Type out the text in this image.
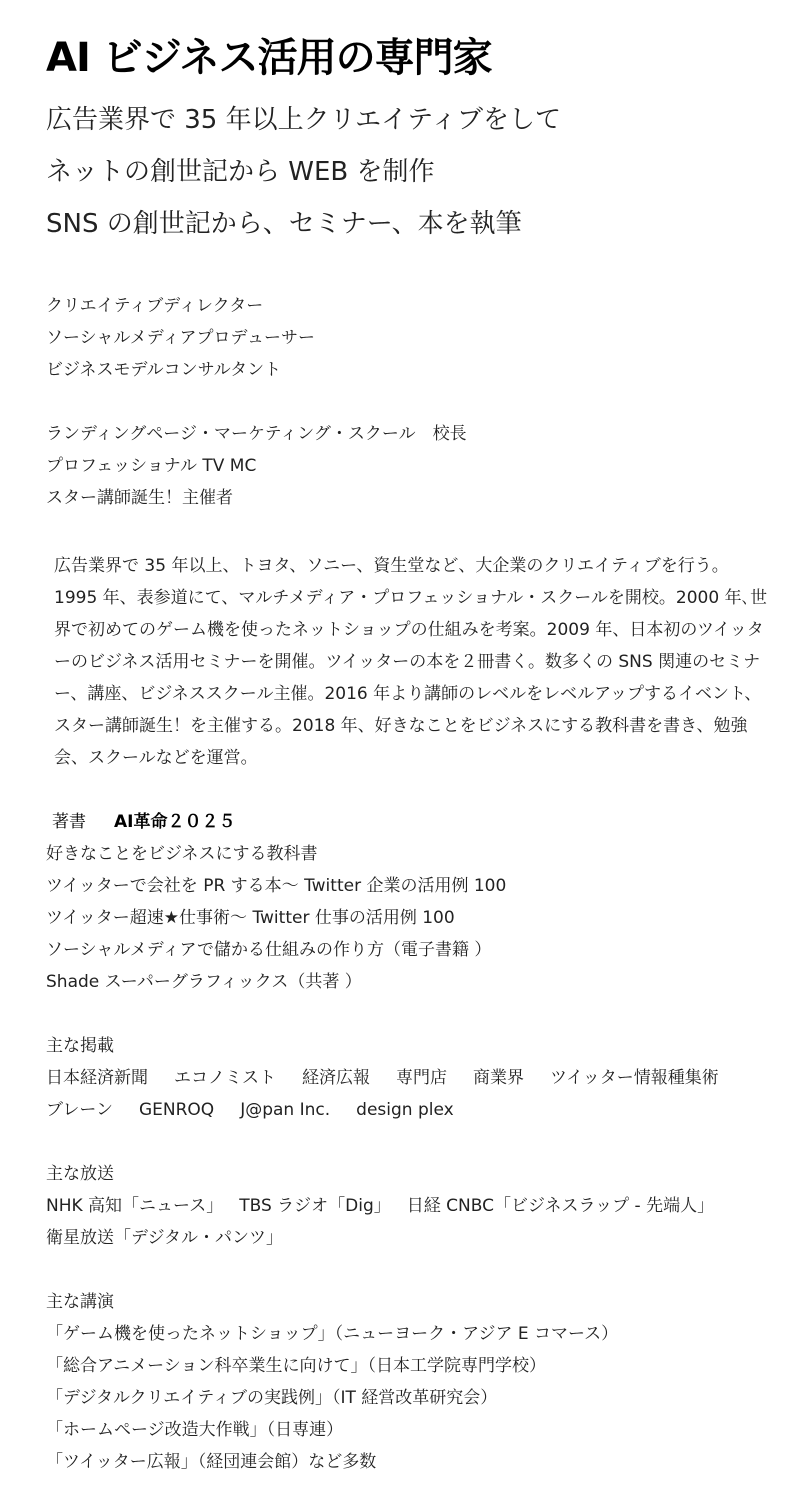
AI ビジネス活用の専門家
広告業界で 35 年以上クリエイティブをして
ネットの創世記から WEB を制作
SNS の創世記から、セミナー、本を執筆
クリエイティブディレクター
ソーシャルメディアプロデューサー
ビジネスモデルコンサルタント
ランディングページ・マーケティング・スクール　校長
プロフェッショナル TV MC
スター講師誕生！主催者

広告業界で 35 年以上、トヨタ、ソニー、資生堂など、大企業のクリエイティブを行う。1995 年、表参道にて、マルチメディア・プロフェッショナル・スクールを開校。2000 年､世界で初めてのゲーム機を使ったネットショップの仕組みを考案。2009 年、日本初のツイッターのビジネス活用セミナーを開催。ツイッターの本を２冊書く。数多くの SNS 関連のセミナー、講座、ビジネススクール主催。2016 年より講師のレベルをレベルアップするイベント、スター講師誕生！を主催する。2018 年、好きなことをビジネスにする教科書を書き、勉強会、スクールなどを運営。

著書 AI革命２０２５
好きなことをビジネスにする教科書
ツイッターで会社を PR する本～ Twitter 企業の活用例 100
ツイッター超速★仕事術～ Twitter 仕事の活用例 100
ソーシャルメディアで儲かる仕組みの作り方（電子書籍 ）
Shade スーパーグラフィックス（共著 ）
主な掲載
日本経済新聞 エコノミスト 経済広報 専門店 商業界 ツイッター情報種集術
ブレーン GENROQ J@pan Inc. design plex
主な放送
NHK 高知「ニュース」 TBS ラジオ「Dig」 日経 CNBC「ビジネスラップ - 先端人」
衛星放送「デジタル・パンツ」
主な講演
「ゲーム機を使ったネットショップ」（ニューヨーク・アジア E コマース）
「総合アニメーション科卒業生に向けて」（日本工学院専門学校）
「デジタルクリエイティブの実践例」（IT 経営改革研究会）
「ホームページ改造大作戦」（日専連）
「ツイッター広報」（経団連会館）など多数
